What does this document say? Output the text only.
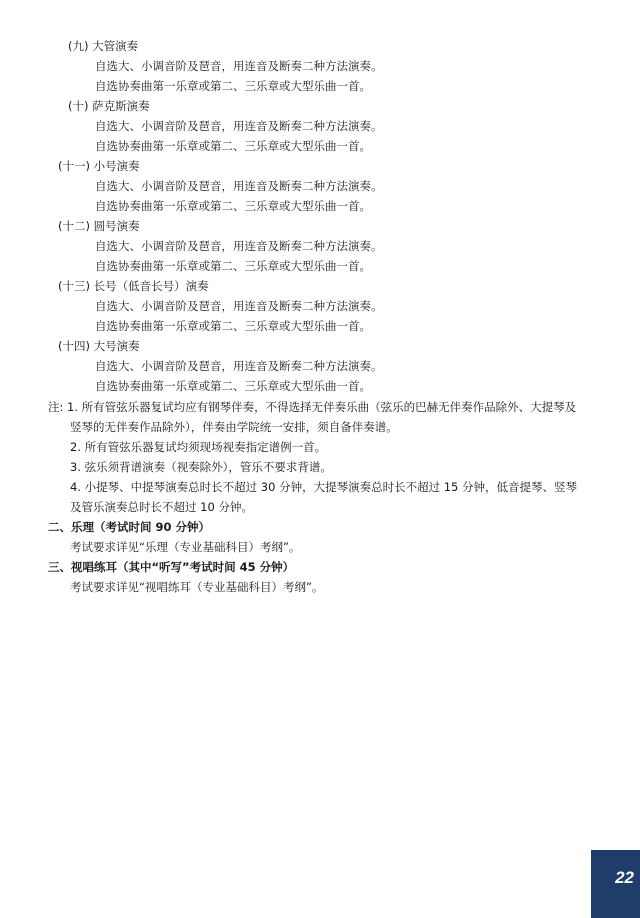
(九) 大管演奏
自选大、小调音阶及琶音，用连音及断奏二种方法演奏。
自选协奏曲第一乐章或第二、三乐章或大型乐曲一首。
(十) 萨克斯演奏
自选大、小调音阶及琶音，用连音及断奏二种方法演奏。
自选协奏曲第一乐章或第二、三乐章或大型乐曲一首。
(十一) 小号演奏
自选大、小调音阶及琶音，用连音及断奏二种方法演奏。
自选协奏曲第一乐章或第二、三乐章或大型乐曲一首。
(十二) 圆号演奏
自选大、小调音阶及琶音，用连音及断奏二种方法演奏。
自选协奏曲第一乐章或第二、三乐章或大型乐曲一首。
(十三) 长号（低音长号）演奏
自选大、小调音阶及琶音，用连音及断奏二种方法演奏。
自选协奏曲第一乐章或第二、三乐章或大型乐曲一首。
(十四) 大号演奏
自选大、小调音阶及琶音，用连音及断奏二种方法演奏。
自选协奏曲第一乐章或第二、三乐章或大型乐曲一首。
注: 1. 所有管弦乐器复试均应有钢琴伴奏，不得选择无伴奏乐曲（弦乐的巴赫无伴奏作品除外、大提琴及
竖琴的无伴奏作品除外），伴奏由学院统一安排，须自备伴奏谱。
2. 所有管弦乐器复试均须现场视奏指定谱例一首。
3. 弦乐须背谱演奏（视奏除外），管乐不要求背谱。
4. 小提琴、中提琴演奏总时长不超过 30 分钟，大提琴演奏总时长不超过 15 分钟，低音提琴、竖琴
及管乐演奏总时长不超过 10 分钟。
二、乐理（考试时间 90 分钟）
考试要求详见“乐理（专业基础科目）考纲”。
三、视唱练耳（其中“听写”考试时间 45 分钟）
考试要求详见“视唱练耳（专业基础科目）考纲”。
22
